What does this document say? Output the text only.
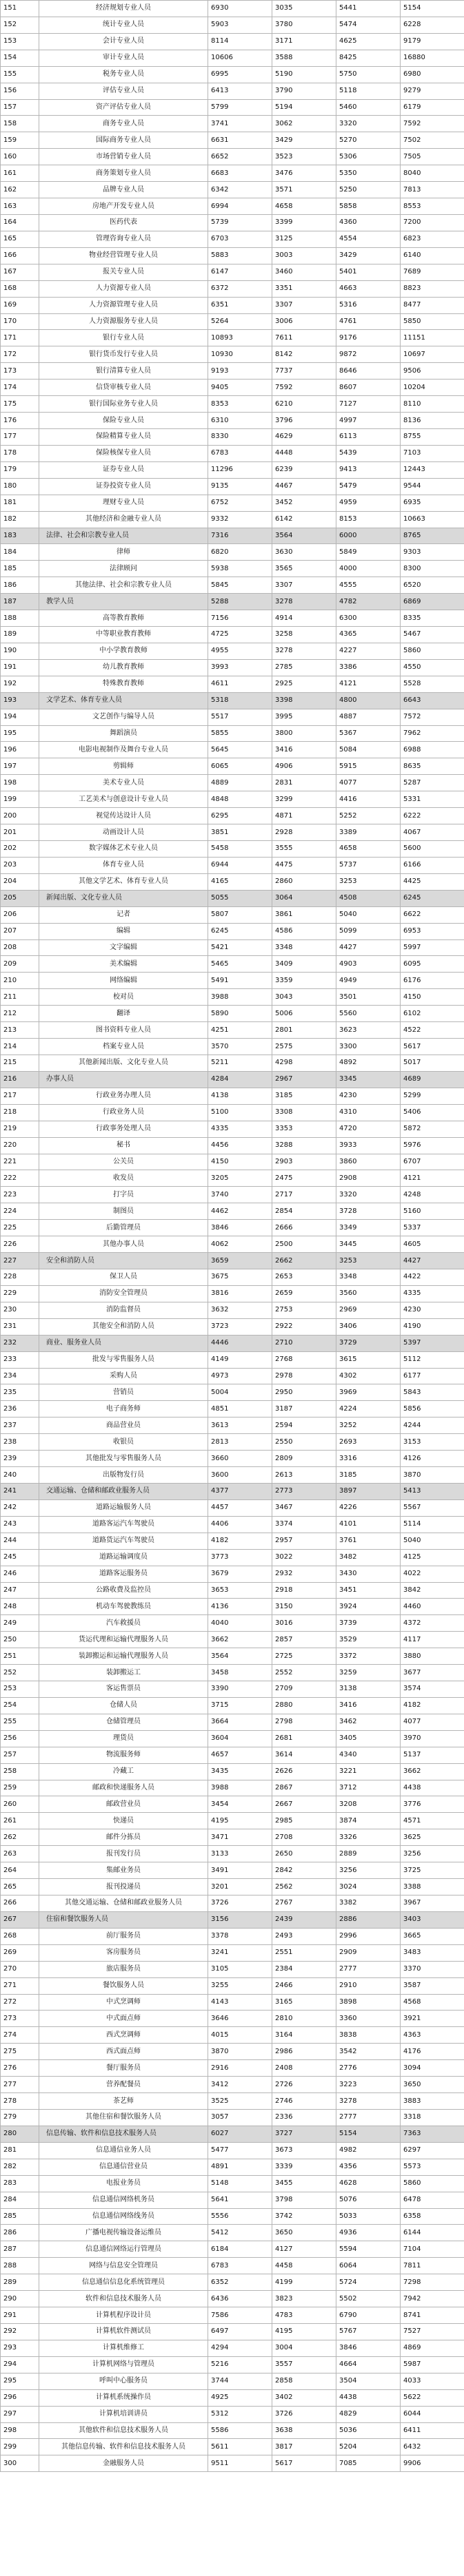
151	经济规划专业人员	6930	3035	5441	5154
152	统计专业人员	5903	3780	5474	6228
153	会计专业人员	8114	3171	4625	9179
154	审计专业人员	10606	3588	8425	16880
155	税务专业人员	6995	5190	5750	6980
156	评估专业人员	6413	3790	5118	9279
157	资产评估专业人员	5799	5194	5460	6179
158	商务专业人员	3741	3062	3320	7592
159	国际商务专业人员	6631	3429	5270	7502
160	市场营销专业人员	6652	3523	5306	7505
161	商务策划专业人员	6683	3476	5350	8040
162	品牌专业人员	6342	3571	5250	7813
163	房地产开发专业人员	6994	4658	5858	8553
164	医药代表	5739	3399	4360	7200
165	管理咨询专业人员	6703	3125	4554	6823
166	物业经营管理专业人员	5883	3003	3429	6140
167	报关专业人员	6147	3460	5401	7689
168	人力资源专业人员	6372	3351	4663	8823
169	人力资源管理专业人员	6351	3307	5316	8477
170	人力资源服务专业人员	5264	3006	4761	5850
171	银行专业人员	10893	7611	9176	11151
172	银行货币发行专业人员	10930	8142	9872	10697
173	银行清算专业人员	9193	7737	8646	9506
174	信贷审核专业人员	9405	7592	8607	10204
175	银行国际业务专业人员	8353	6210	7127	8110
176	保险专业人员	6310	3796	4997	8136
177	保险精算专业人员	8330	4629	6113	8755
178	保险核保专业人员	6783	4448	5439	7103
179	证券专业人员	11296	6239	9413	12443
180	证券投资专业人员	9135	4467	5479	9544
181	理财专业人员	6752	3452	4959	6935
182	其他经济和金融专业人员	9332	6142	8153	10663
183	法律、社会和宗教专业人员	7316	3564	6000	8765
184	律师	6820	3630	5849	9303
185	法律顾问	5938	3565	4000	8300
186	其他法律、社会和宗教专业人员	5845	3307	4555	6520
187	教学人员	5288	3278	4782	6869
188	高等教育教师	7156	4914	6300	8335
189	中等职业教育教师	4725	3258	4365	5467
190	中小学教育教师	4955	3278	4227	5860
191	幼儿教育教师	3993	2785	3386	4550
192	特殊教育教师	4611	2925	4121	5528
193	文学艺术、体育专业人员	5318	3398	4800	6643
194	文艺创作与编导人员	5517	3995	4887	7572
195	舞蹈演员	5855	3800	5367	7962
196	电影电视制作及舞台专业人员	5645	3416	5084	6988
197	剪辑师	6065	4906	5915	8635
198	美术专业人员	4889	2831	4077	5287
199	工艺美术与创意设计专业人员	4848	3299	4416	5331
200	视觉传达设计人员	6295	4871	5252	6222
201	动画设计人员	3851	2928	3389	4067
202	数字媒体艺术专业人员	5458	3555	4658	5600
203	体育专业人员	6944	4475	5737	6166
204	其他文学艺术、体育专业人员	4165	2860	3253	4425
205	新闻出版、文化专业人员	5055	3064	4508	6245
206	记者	5807	3861	5040	6622
207	编辑	6245	4586	5099	6953
208	文字编辑	5421	3348	4427	5997
209	美术编辑	5465	3409	4903	6095
210	网络编辑	5491	3359	4949	6176
211	校对员	3988	3043	3501	4150
212	翻译	5890	5006	5560	6102
213	图书资料专业人员	4251	2801	3623	4522
214	档案专业人员	3570	2575	3300	5617
215	其他新闻出版、文化专业人员	5211	4298	4892	5017
216	办事人员	4284	2967	3345	4689
217	行政业务办理人员	4138	3185	4230	5299
218	行政业务人员	5100	3308	4310	5406
219	行政事务处理人员	4335	3353	4720	5872
220	秘书	4456	3288	3933	5976
221	公关员	4150	2903	3860	6707
222	收发员	3205	2475	2908	4121
223	打字员	3740	2717	3320	4248
224	制图员	4462	2854	3728	5160
225	后勤管理员	3846	2666	3349	5337
226	其他办事人员	4062	2500	3445	4605
227	安全和消防人员	3659	2662	3253	4427
228	保卫人员	3675	2653	3348	4422
229	消防安全管理员	3816	2659	3560	4335
230	消防监督员	3632	2753	2969	4230
231	其他安全和消防人员	3723	2922	3406	4190
232	商业、服务业人员	4446	2710	3729	5397
233	批发与零售服务人员	4149	2768	3615	5112
234	采购人员	4973	2978	4302	6177
235	营销员	5004	2950	3969	5843
236	电子商务师	4851	3187	4224	5856
237	商品营业员	3613	2594	3252	4244
238	收银员	2813	2550	2693	3153
239	其他批发与零售服务人员	3660	2809	3316	4126
240	出版物发行员	3600	2613	3185	3870
241	交通运输、仓储和邮政业服务人员	4377	2773	3897	5413
242	道路运输服务人员	4457	3467	4226	5567
243	道路客运汽车驾驶员	4406	3374	4101	5114
244	道路货运汽车驾驶员	4182	2957	3761	5040
245	道路运输调度员	3773	3022	3482	4125
246	道路客运服务员	3679	2932	3430	4022
247	公路收费及监控员	3653	2918	3451	3842
248	机动车驾驶教练员	4136	3150	3924	4460
249	汽车救援员	4040	3016	3739	4372
250	货运代理和运输代理服务人员	3662	2857	3529	4117
251	装卸搬运和运输代理服务人员	3564	2725	3372	3880
252	装卸搬运工	3458	2552	3259	3677
253	客运售票员	3390	2709	3138	3574
254	仓储人员	3715	2880	3416	4182
255	仓储管理员	3664	2798	3462	4077
256	理货员	3604	2681	3405	3970
257	物流服务师	4657	3614	4340	5137
258	冷藏工	3435	2626	3221	3662
259	邮政和快递服务人员	3988	2867	3712	4438
260	邮政营业员	3454	2667	3208	3776
261	快递员	4195	2985	3874	4571
262	邮件分拣员	3471	2708	3326	3625
263	报刊发行员	3133	2650	2889	3256
264	集邮业务员	3491	2842	3256	3725
265	报刊投递员	3201	2562	3024	3388
266	其他交通运输、仓储和邮政业服务人员	3726	2767	3382	3967
267	住宿和餐饮服务人员	3156	2439	2886	3403
268	前厅服务员	3378	2493	2996	3665
269	客房服务员	3241	2551	2909	3483
270	旅店服务员	3105	2384	2777	3370
271	餐饮服务人员	3255	2466	2910	3587
272	中式烹调师	4143	3165	3898	4568
273	中式面点师	3646	2810	3360	3921
274	西式烹调师	4015	3164	3838	4363
275	西式面点师	3870	2986	3542	4176
276	餐厅服务员	2916	2408	2776	3094
277	营养配餐员	3412	2726	3223	3650
278	茶艺师	3525	2746	3278	3883
279	其他住宿和餐饮服务人员	3057	2336	2777	3318
280	信息传输、软件和信息技术服务人员	6027	3727	5154	7363
281	信息通信业务人员	5477	3673	4982	6297
282	信息通信营业员	4891	3339	4356	5573
283	电报业务员	5148	3455	4628	5860
284	信息通信网络机务员	5641	3798	5076	6478
285	信息通信网络线务员	5556	3742	5033	6358
286	广播电视传输设备运维员	5412	3650	4936	6144
287	信息通信网络运行管理员	6184	4127	5594	7104
288	网络与信息安全管理员	6783	4458	6064	7811
289	信息通信信息化系统管理员	6352	4199	5724	7298
290	软件和信息技术服务人员	6436	3823	5502	7942
291	计算机程序设计员	7586	4783	6790	8741
292	计算机软件测试员	6497	4195	5767	7527
293	计算机维修工	4294	3004	3846	4869
294	计算机网络与管理员	5216	3557	4664	5987
295	呼叫中心服务员	3744	2858	3504	4033
296	计算机系统操作员	4925	3402	4438	5622
297	计算机培训讲员	5312	3726	4829	6044
298	其他软件和信息技术服务人员	5586	3638	5036	6411
299	其他信息传输、软件和信息技术服务人员	5611	3817	5204	6432
300	金融服务人员	9511	5617	7085	9906
